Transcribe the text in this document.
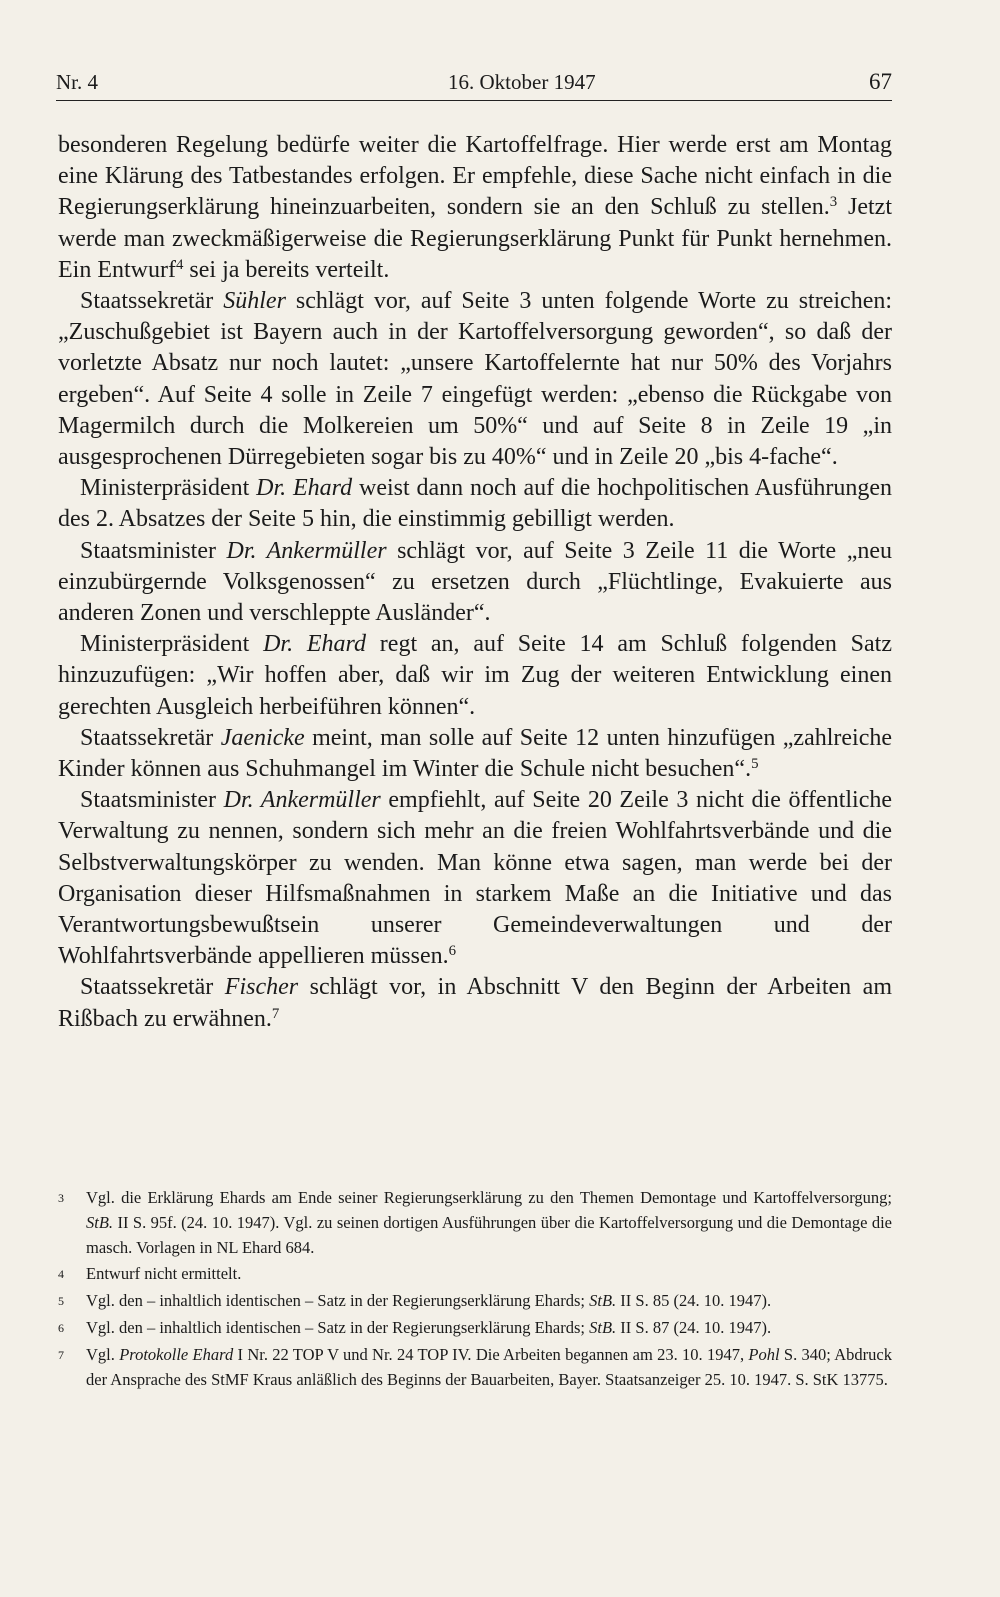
Nr. 4	16. Oktober 1947	67

besonderen Regelung bedürfe weiter die Kartoffelfrage. Hier werde erst am Montag eine Klärung des Tatbestandes erfolgen. Er empfehle, diese Sache nicht einfach in die Regierungserklärung hineinzuarbeiten, sondern sie an den Schluß zu stellen.$^3$ Jetzt werde man zweckmäßigerweise die Regierungserklärung Punkt für Punkt hernehmen. Ein Entwurf$^4$ sei ja bereits verteilt.

Staatssekretär Sühler schlägt vor, auf Seite 3 unten folgende Worte zu streichen: „Zuschußgebiet ist Bayern auch in der Kartoffelversorgung geworden“, so daß der vorletzte Absatz nur noch lautet: „unsere Kartoffelernte hat nur 50% des Vorjahrs ergeben“. Auf Seite 4 solle in Zeile 7 eingefügt werden: „ebenso die Rückgabe von Magermilch durch die Molkereien um 50%“ und auf Seite 8 in Zeile 19 „in ausgesprochenen Dürregebieten sogar bis zu 40%“ und in Zeile 20 „bis 4-fache“.

Ministerpräsident Dr. Ehard weist dann noch auf die hochpolitischen Ausführungen des 2. Absatzes der Seite 5 hin, die einstimmig gebilligt werden.

Staatsminister Dr. Ankermüller schlägt vor, auf Seite 3 Zeile 11 die Worte „neu einzubürgernde Volksgenossen“ zu ersetzen durch „Flüchtlinge, Evakuierte aus anderen Zonen und verschleppte Ausländer“.

Ministerpräsident Dr. Ehard regt an, auf Seite 14 am Schluß folgenden Satz hinzuzufügen: „Wir hoffen aber, daß wir im Zug der weiteren Entwicklung einen gerechten Ausgleich herbeiführen können“.

Staatssekretär Jaenicke meint, man solle auf Seite 12 unten hinzufügen „zahlreiche Kinder können aus Schuhmangel im Winter die Schule nicht besuchen“.$^5$

Staatsminister Dr. Ankermüller empfiehlt, auf Seite 20 Zeile 3 nicht die öffentliche Verwaltung zu nennen, sondern sich mehr an die freien Wohlfahrtsverbände und die Selbstverwaltungskörper zu wenden. Man könne etwa sagen, man werde bei der Organisation dieser Hilfsmaßnahmen in starkem Maße an die Initiative und das Verantwortungsbewußtsein unserer Gemeindeverwaltungen und der Wohlfahrtsverbände appellieren müssen.$^6$

Staatssekretär Fischer schlägt vor, in Abschnitt V den Beginn der Arbeiten am Rißbach zu erwähnen.$^7$

3	Vgl. die Erklärung Ehards am Ende seiner Regierungserklärung zu den Themen Demontage und Kartoffelversorgung; StB. II S. 95f. (24. 10. 1947). Vgl. zu seinen dortigen Ausführungen über die Kartoffelversorgung und die Demontage die masch. Vorlagen in NL Ehard 684.
4	Entwurf nicht ermittelt.
5	Vgl. den – inhaltlich identischen – Satz in der Regierungserklärung Ehards; StB. II S. 85 (24. 10. 1947).
6	Vgl. den – inhaltlich identischen – Satz in der Regierungserklärung Ehards; StB. II S. 87 (24. 10. 1947).
7	Vgl. Protokolle Ehard I Nr. 22 TOP V und Nr. 24 TOP IV. Die Arbeiten begannen am 23. 10. 1947, Pohl S. 340; Abdruck der Ansprache des StMF Kraus anläßlich des Beginns der Bauarbeiten, Bayer. Staatsanzeiger 25. 10. 1947. S. StK 13775.
